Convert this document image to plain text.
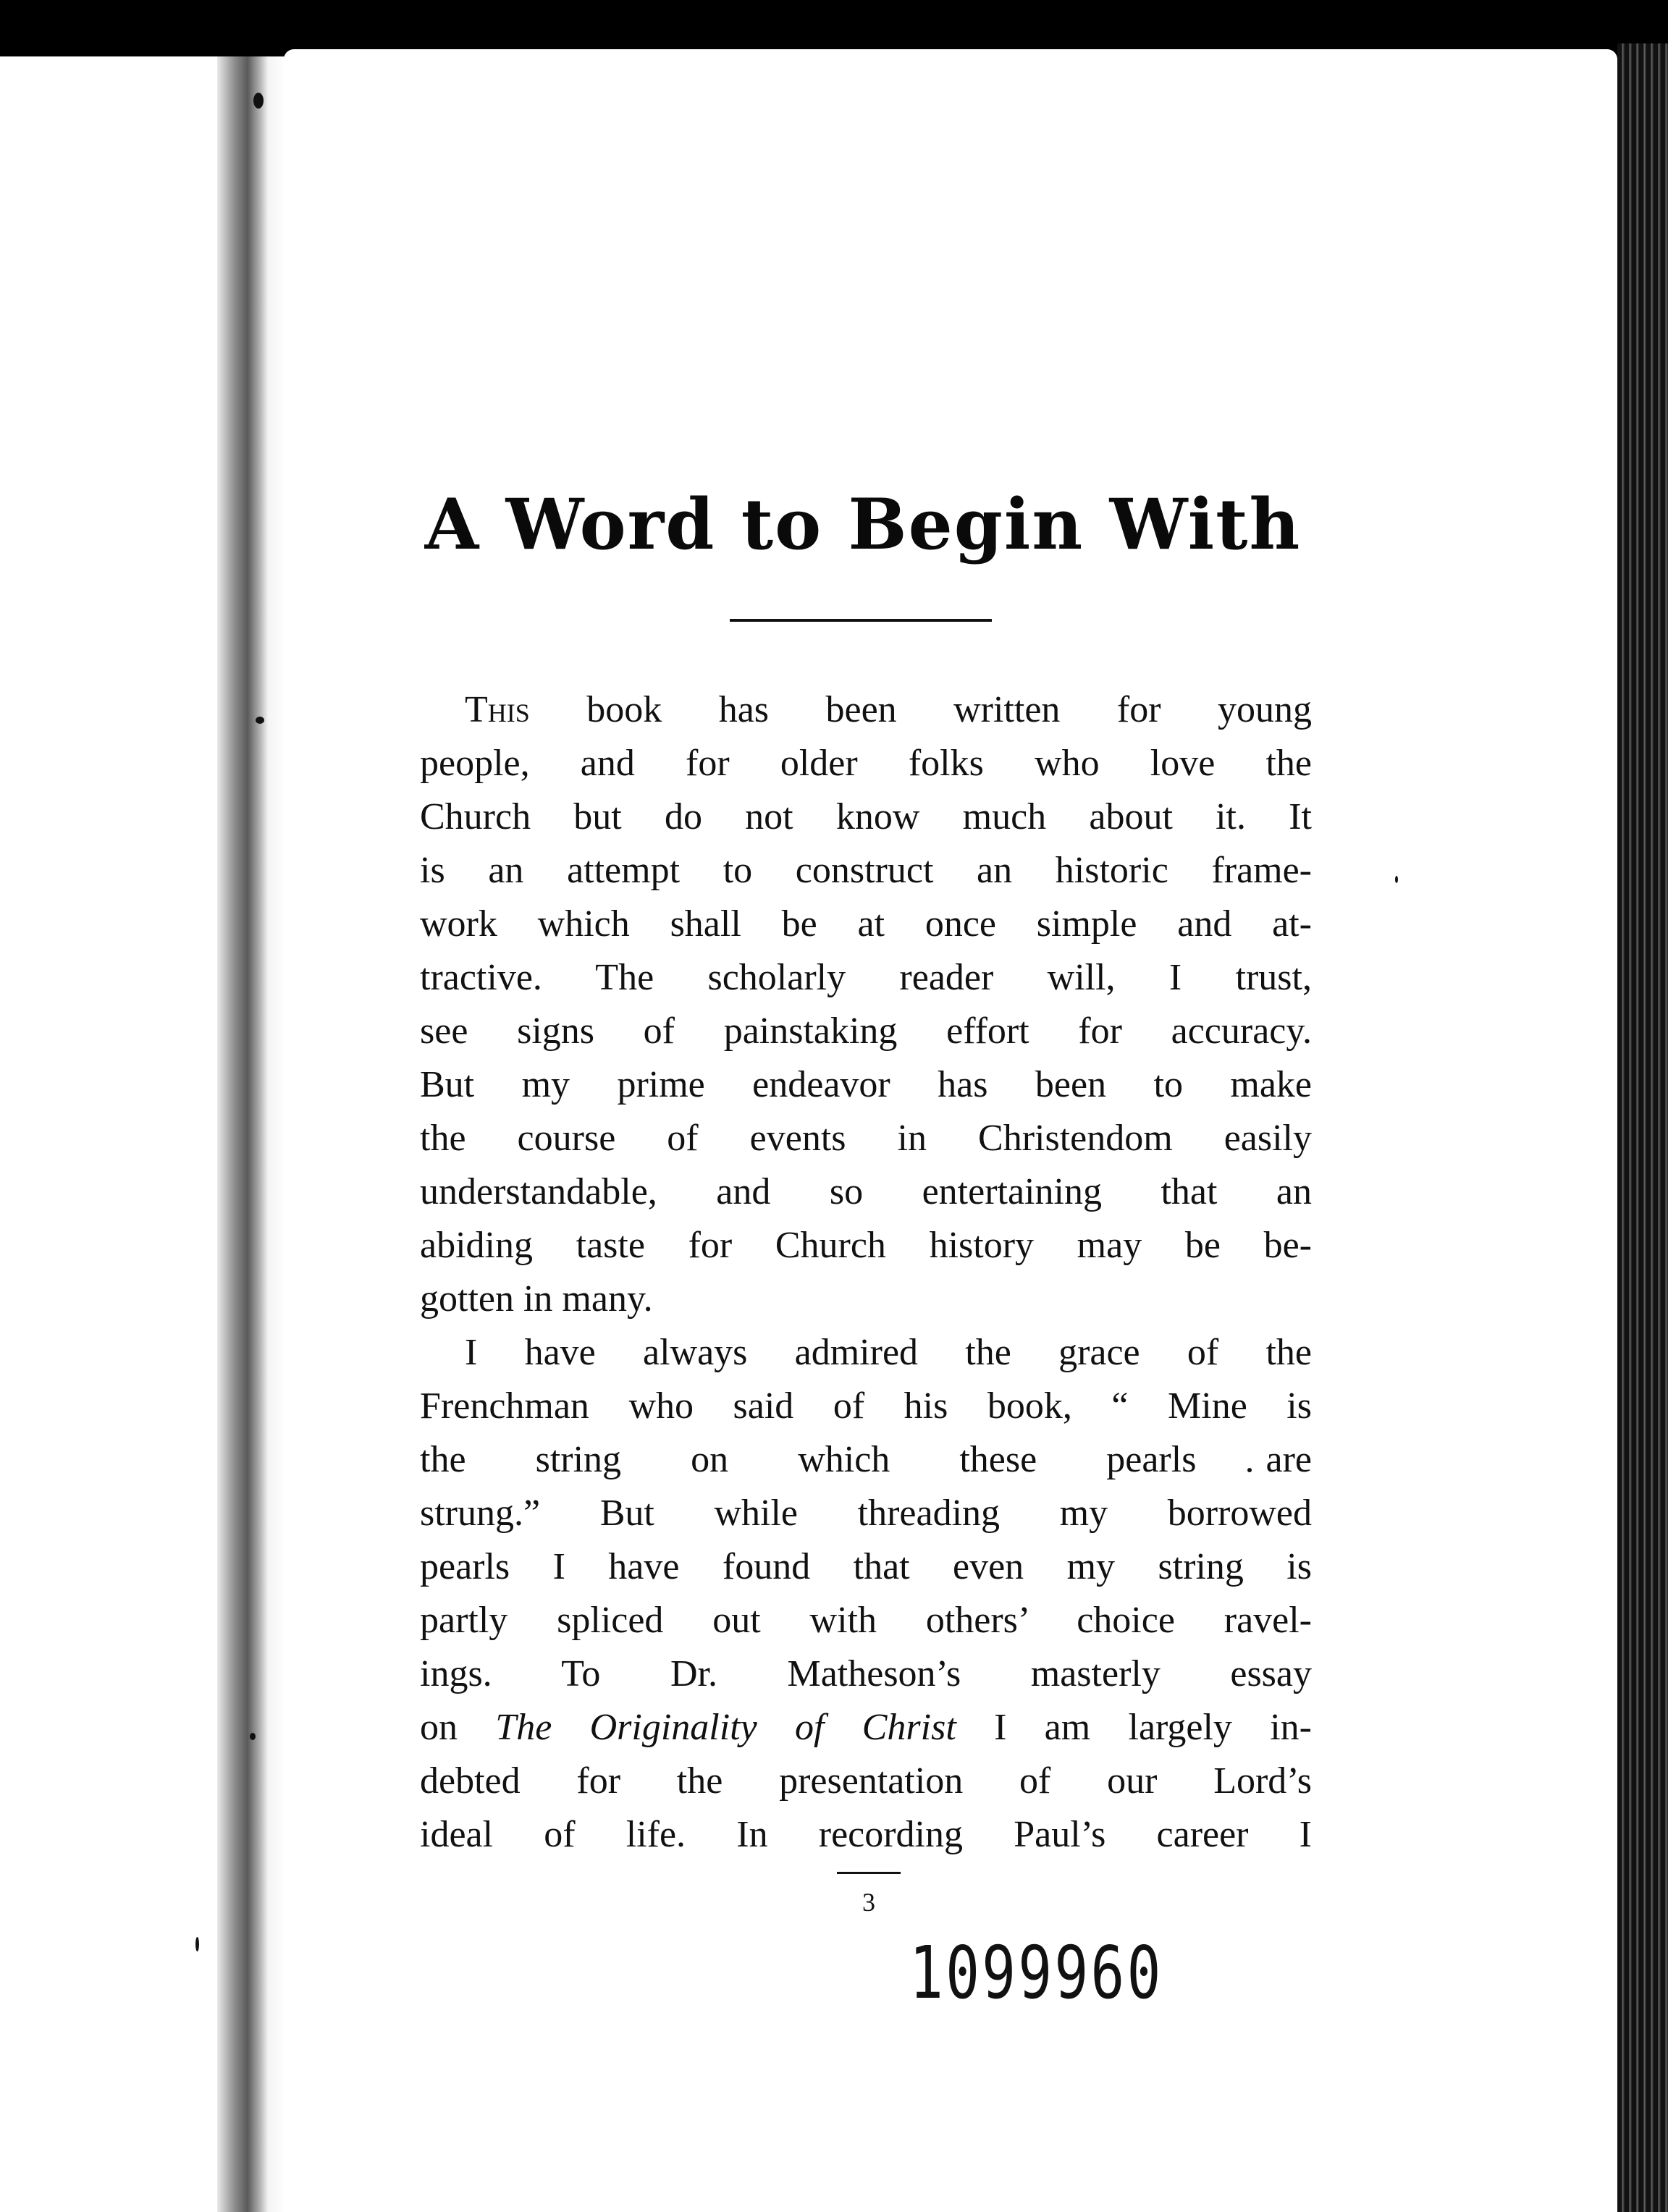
A Word to Begin With
This book has been written for young
people, and for older folks who love the
Church but do not know much about it. It
is an attempt to construct an historic frame-
work which shall be at once simple and at-
tractive. The scholarly reader will, I trust,
see signs of painstaking effort for accuracy.
But my prime endeavor has been to make
the course of events in Christendom easily
understandable, and so entertaining that an
abiding taste for Church history may be be-
gotten in many.
I have always admired the grace of the
Frenchman who said of his book, “ Mine is
the string on which these pearls are
strung.” But while threading my borrowed
pearls I have found that even my string is
partly spliced out with others’ choice ravel-
ings. To Dr. Matheson’s masterly essay
on The Originality of Christ I am largely in-
debted for the presentation of our Lord’s
ideal of life. In recording Paul’s career I
3
1099960
